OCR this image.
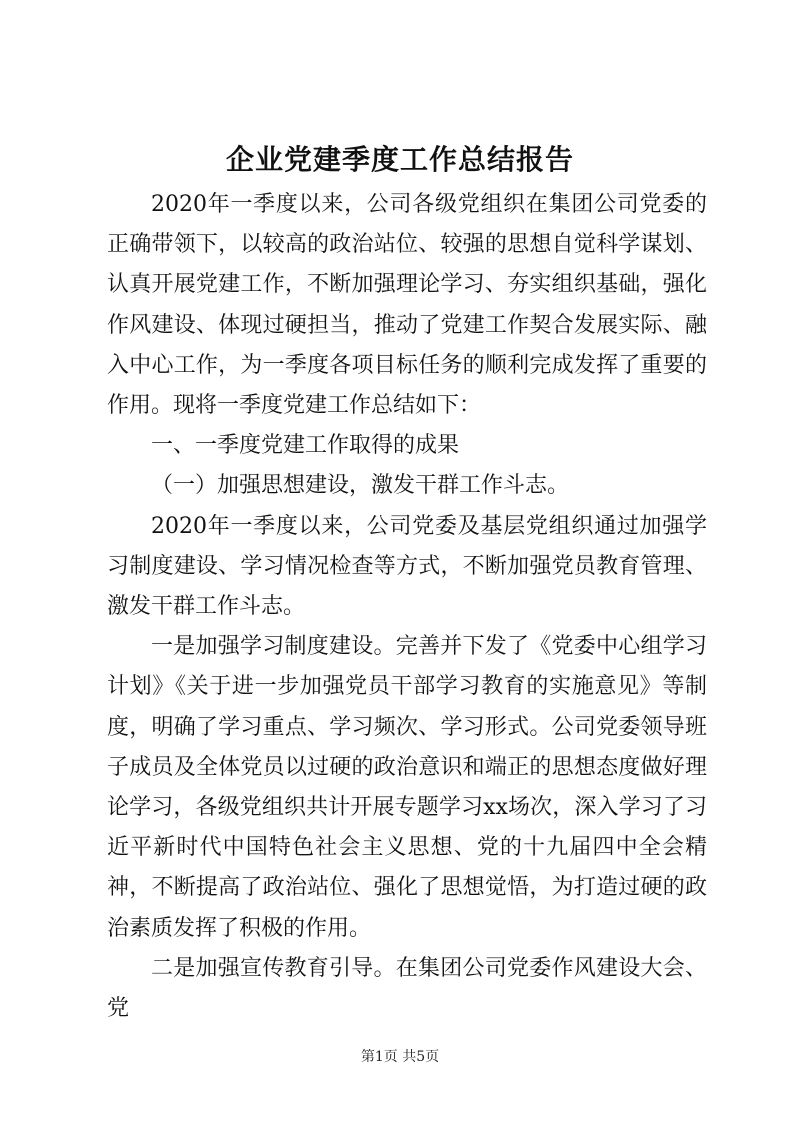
企业党建季度工作总结报告

2020年一季度以来，公司各级党组织在集团公司党委的正确带领下，以较高的政治站位、较强的思想自觉科学谋划、认真开展党建工作，不断加强理论学习、夯实组织基础，强化作风建设、体现过硬担当，推动了党建工作契合发展实际、融入中心工作，为一季度各项目标任务的顺利完成发挥了重要的作用。现将一季度党建工作总结如下：

一、一季度党建工作取得的成果

（一）加强思想建设，激发干群工作斗志。

2020年一季度以来，公司党委及基层党组织通过加强学习制度建设、学习情况检查等方式，不断加强党员教育管理、激发干群工作斗志。

一是加强学习制度建设。完善并下发了《党委中心组学习计划》《关于进一步加强党员干部学习教育的实施意见》等制度，明确了学习重点、学习频次、学习形式。公司党委领导班子成员及全体党员以过硬的政治意识和端正的思想态度做好理论学习，各级党组织共计开展专题学习xx场次，深入学习了习近平新时代中国特色社会主义思想、党的十九届四中全会精神，不断提高了政治站位、强化了思想觉悟，为打造过硬的政治素质发挥了积极的作用。

二是加强宣传教育引导。在集团公司党委作风建设大会、党

第1页 共5页
